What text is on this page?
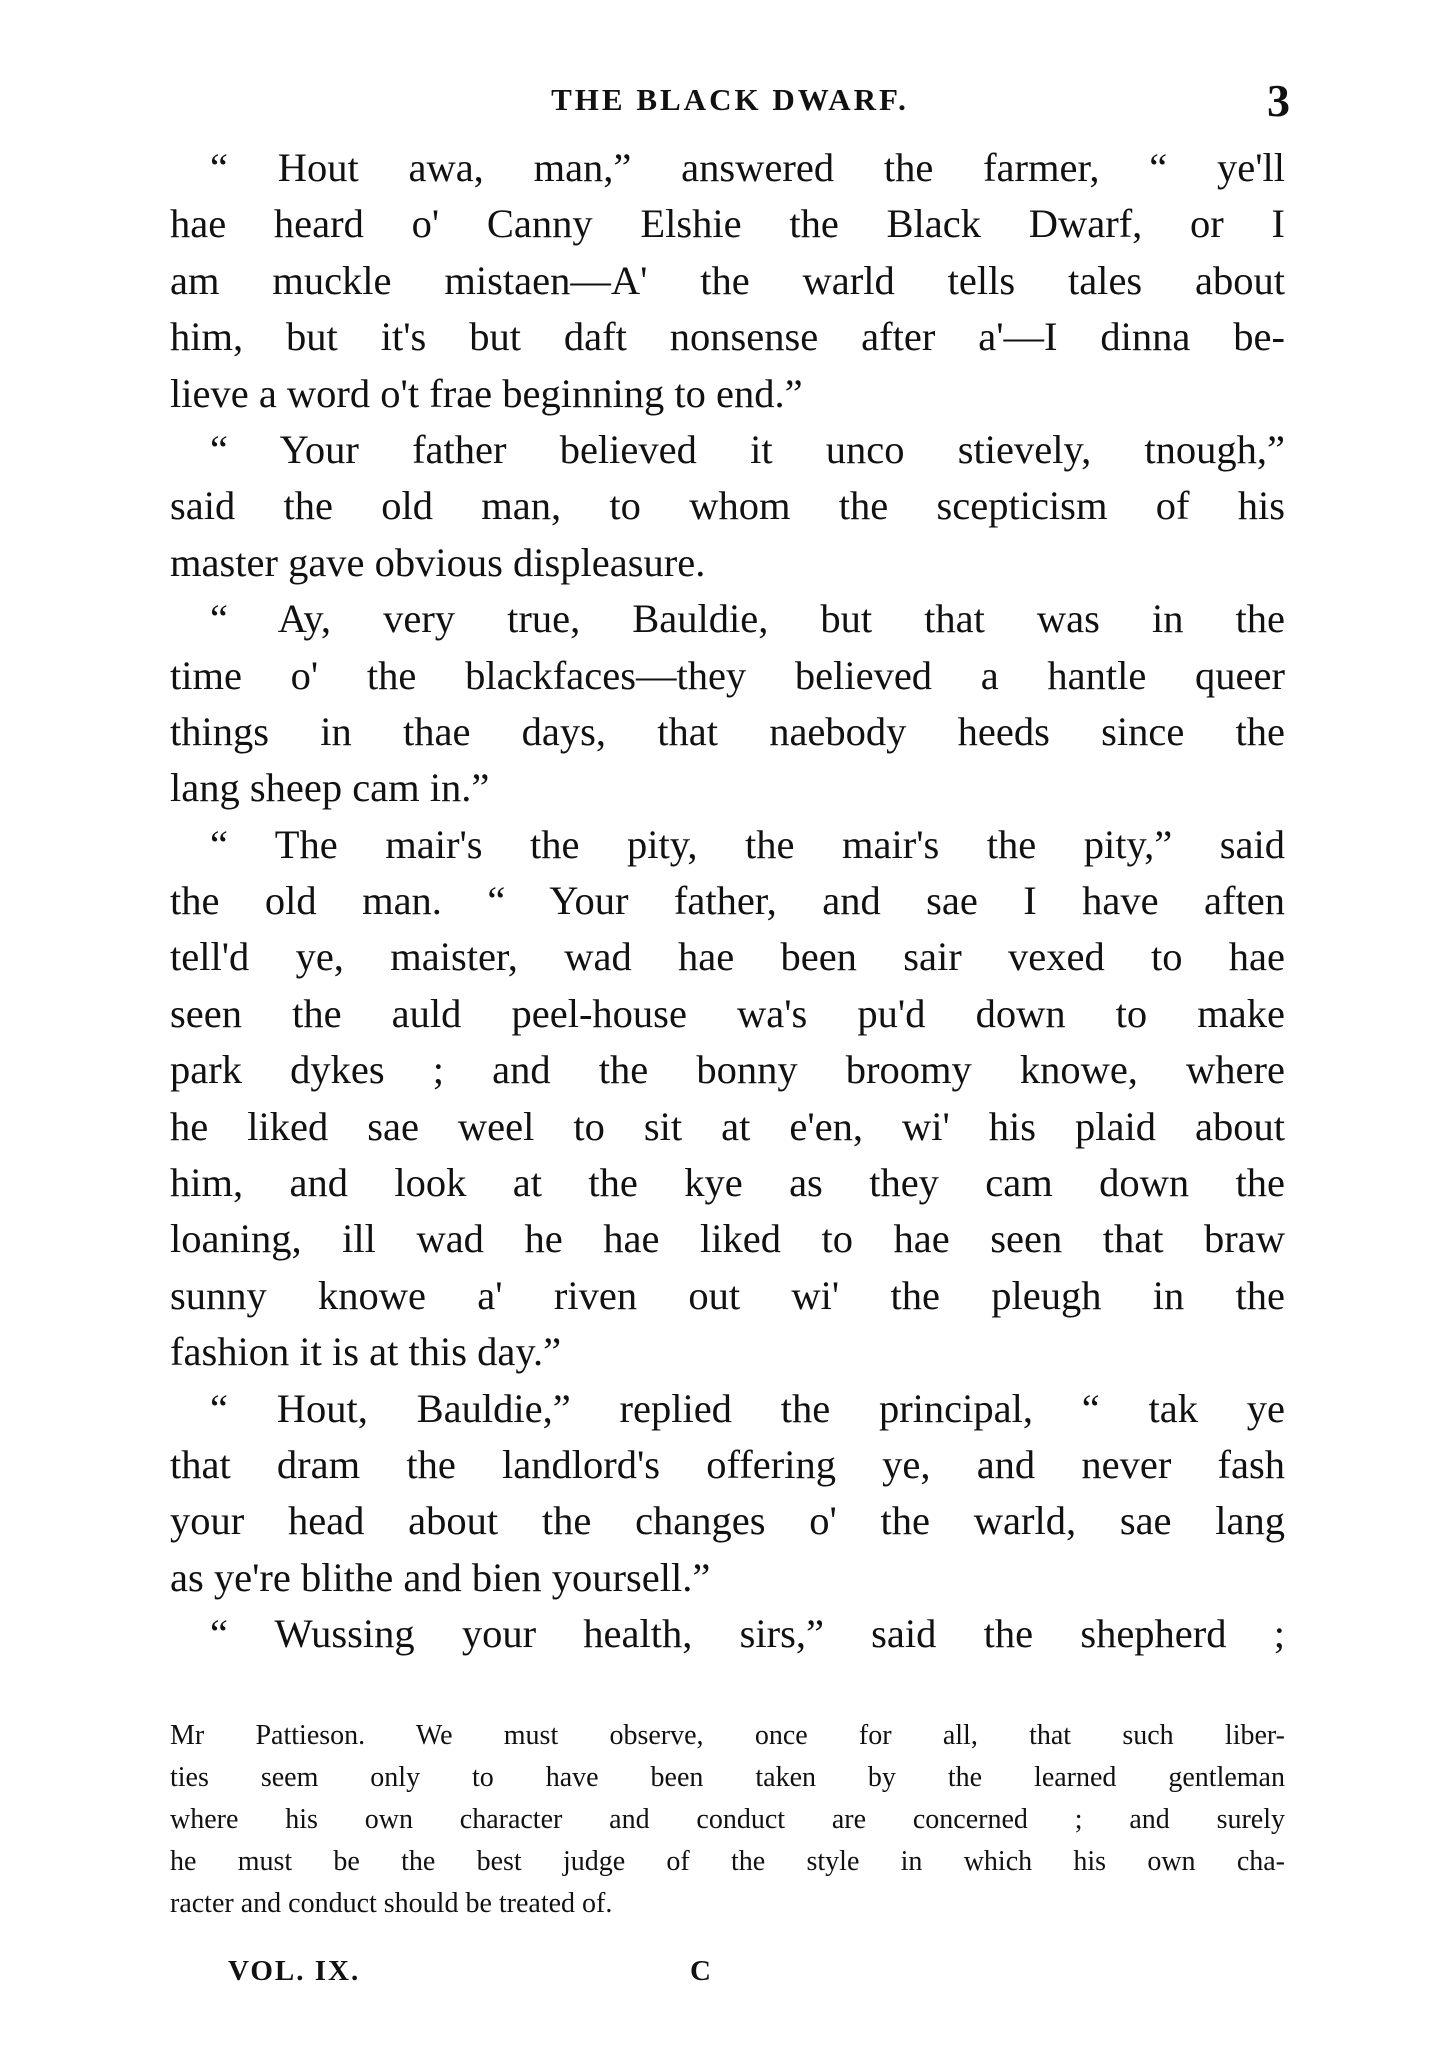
THE BLACK DWARF.	3
“ Hout awa, man,” answered the farmer, “ ye'll
hae heard o' Canny Elshie the Black Dwarf, or I
am muckle mistaen—A' the warld tells tales about
him, but it's but daft nonsense after a'—I dinna be-
lieve a word o't frae beginning to end.”
“ Your father believed it unco stievely, tnough,”
said the old man, to whom the scepticism of his
master gave obvious displeasure.
“ Ay, very true, Bauldie, but that was in the
time o' the blackfaces—they believed a hantle queer
things in thae days, that naebody heeds since the
lang sheep cam in.”
“ The mair's the pity, the mair's the pity,” said
the old man. “ Your father, and sae I have aften
tell'd ye, maister, wad hae been sair vexed to hae
seen the auld peel-house wa's pu'd down to make
park dykes ; and the bonny broomy knowe, where
he liked sae weel to sit at e'en, wi' his plaid about
him, and look at the kye as they cam down the
loaning, ill wad he hae liked to hae seen that braw
sunny knowe a' riven out wi' the pleugh in the
fashion it is at this day.”
“ Hout, Bauldie,” replied the principal, “ tak ye
that dram the landlord's offering ye, and never fash
your head about the changes o' the warld, sae lang
as ye're blithe and bien yoursell.”
“ Wussing your health, sirs,” said the shepherd ;
Mr Pattieson. We must observe, once for all, that such liber-
ties seem only to have been taken by the learned gentleman
where his own character and conduct are concerned ; and surely
he must be the best judge of the style in which his own cha-
racter and conduct should be treated of.
VOL. IX.	C
